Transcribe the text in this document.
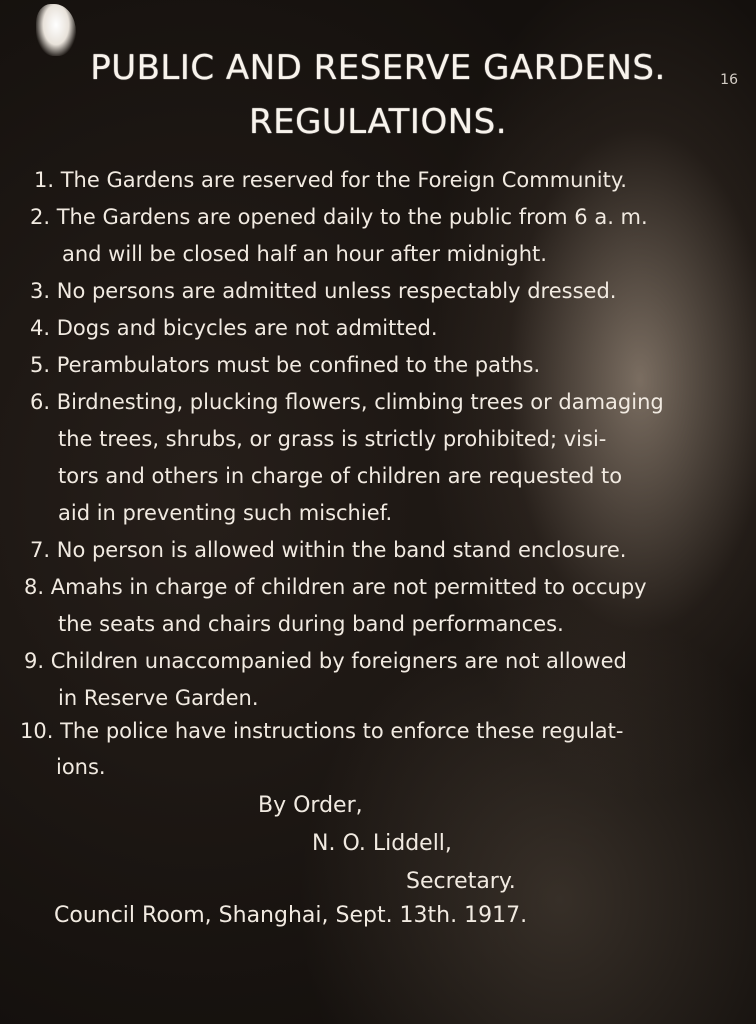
16
PUBLIC AND RESERVE GARDENS.
REGULATIONS.
1. The Gardens are reserved for the Foreign Community.
2. The Gardens are opened daily to the public from 6 a. m.
and will be closed half an hour after midnight.
3. No persons are admitted unless respectably dressed.
4. Dogs and bicycles are not admitted.
5. Perambulators must be confined to the paths.
6. Birdnesting, plucking flowers, climbing trees or damaging
the trees, shrubs, or grass is strictly prohibited; visi-
tors and others in charge of children are requested to
aid in preventing such mischief.
7. No person is allowed within the band stand enclosure.
8. Amahs in charge of children are not permitted to occupy
the seats and chairs during band performances.
9. Children unaccompanied by foreigners are not allowed
in Reserve Garden.
10. The police have instructions to enforce these regulat-
ions.
By Order,
N. O. Liddell,
Secretary.
Council Room, Shanghai, Sept. 13th. 1917.
